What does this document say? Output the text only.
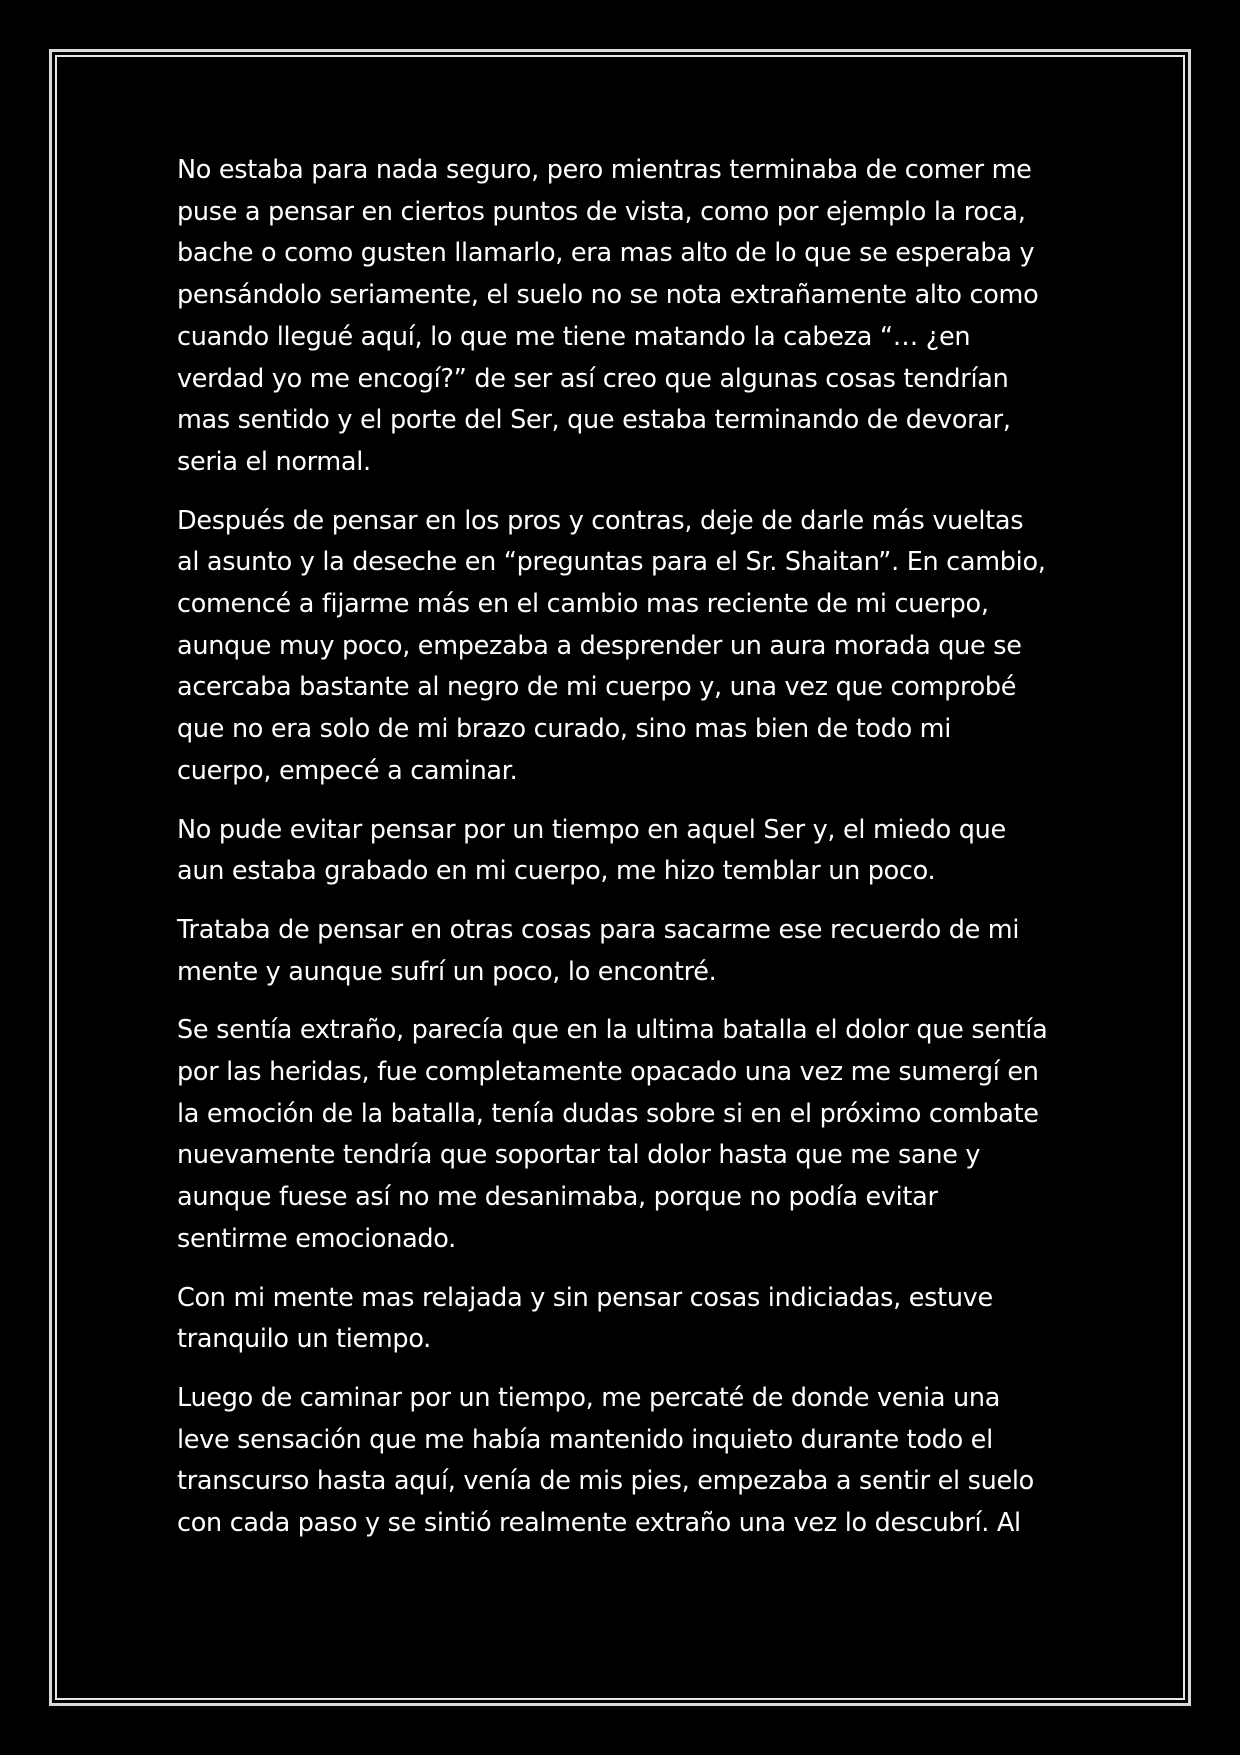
No estaba para nada seguro, pero mientras terminaba de comer me
puse a pensar en ciertos puntos de vista, como por ejemplo la roca,
bache o como gusten llamarlo, era mas alto de lo que se esperaba y
pensándolo seriamente, el suelo no se nota extrañamente alto como
cuando llegué aquí, lo que me tiene matando la cabeza “… ¿en
verdad yo me encogí?” de ser así creo que algunas cosas tendrían
mas sentido y el porte del Ser, que estaba terminando de devorar,
seria el normal.

Después de pensar en los pros y contras, deje de darle más vueltas
al asunto y la deseche en “preguntas para el Sr. Shaitan”. En cambio,
comencé a fijarme más en el cambio mas reciente de mi cuerpo,
aunque muy poco, empezaba a desprender un aura morada que se
acercaba bastante al negro de mi cuerpo y, una vez que comprobé
que no era solo de mi brazo curado, sino mas bien de todo mi
cuerpo, empecé a caminar.

No pude evitar pensar por un tiempo en aquel Ser y, el miedo que
aun estaba grabado en mi cuerpo, me hizo temblar un poco.

Trataba de pensar en otras cosas para sacarme ese recuerdo de mi
mente y aunque sufrí un poco, lo encontré.

Se sentía extraño, parecía que en la ultima batalla el dolor que sentía
por las heridas, fue completamente opacado una vez me sumergí en
la emoción de la batalla, tenía dudas sobre si en el próximo combate
nuevamente tendría que soportar tal dolor hasta que me sane y
aunque fuese así no me desanimaba, porque no podía evitar
sentirme emocionado.

Con mi mente mas relajada y sin pensar cosas indiciadas, estuve
tranquilo un tiempo.

Luego de caminar por un tiempo, me percaté de donde venia una
leve sensación que me había mantenido inquieto durante todo el
transcurso hasta aquí, venía de mis pies, empezaba a sentir el suelo
con cada paso y se sintió realmente extraño una vez lo descubrí. Al
